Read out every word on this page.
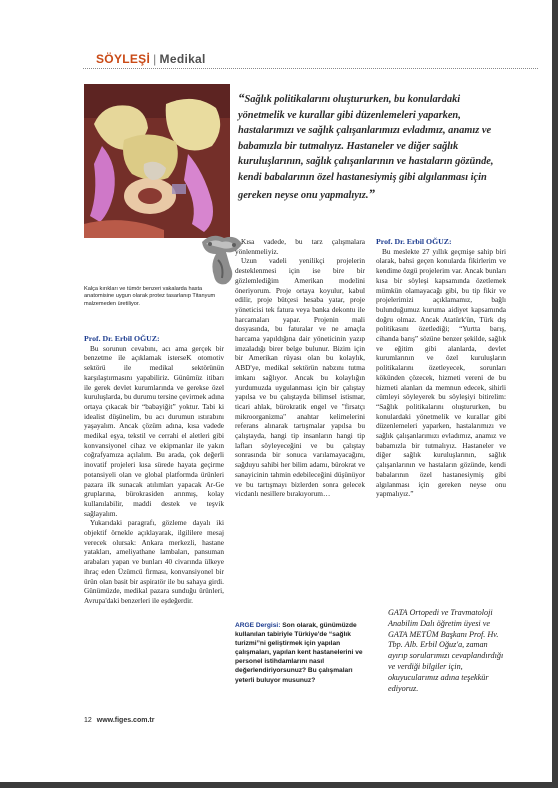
SÖYLEŞİ | Medikal
Kalça kırıkları ve tümör benzeri vakalarda hasta anatomisine uygun olarak protez tasarlanıp Titanyum malzemeden üretiliyor.
“Sağlık politikalarını oluştururken, bu konulardaki yönetmelik ve kurallar gibi düzenlemeleri yaparken, hastalarımızı ve sağlık çalışanlarımızı evladımız, anamız ve babamızla bir tutmalıyız. Hastaneler ve diğer sağlık kuruluşlarının, sağlık çalışanlarının ve hastaların gözünde, kendi babalarının özel hastanesiymiş gibi algılanması için gereken neyse onu yapmalıyız.”

Prof. Dr. Erbil OĞUZ:

Bu sorunun cevabını, acı ama gerçek bir benzetme ile açıklamak isterseK otomotiv sektörü ile medikal sektörünün karşılaştırmasını yapabiliriz. Günümüz itibarı ile gerek devlet kurumlarında ve gerekse özel kuruluşlarda, bu durumu tersine çevirmek adına ortaya çıkacak bir “babayiğit” yoktur. Tabi ki idealist düşünelim, bu acı durumun ıstırabını yaşayalım. Ancak çözüm adına, kısa vadede medikal eşya, tekstil ve cerrahi el aletleri gibi konvansiyonel cihaz ve ekipmanlar ile yakın coğrafyamıza açılalım. Bu arada, çok değerli inovatif projeleri kısa sürede hayata geçirme potansiyeli olan ve global platformda ürünleri pazara ilk sunacak atılımları yapacak Ar-Ge gruplarına, bürokrasiden arınmış, kolay kullanılabilir, maddi destek ve teşvik sağlayalım.

Yukarıdaki paragrafı, gözleme dayalı iki objektif örnekle açıklayarak, ilgililere mesaj verecek olursak: Ankara merkezli, hastane yatakları, ameliyathane lambaları, pansuman arabaları yapan ve bunları 40 civarında ülkeye ihraç eden Üzümcü firması, konvansiyonel bir ürün olan basit bir aspiratör ile bu sahaya girdi. Günümüzde, medikal pazara sunduğu ürünleri, Avrupa'daki benzerleri ile eşdeğerdir.

Kısa vadede, bu tarz çalışmalara yönlenmeliyiz.

Uzun vadeli yenilikçi projelerin desteklenmesi için ise bire bir gözlemlediğim Amerikan modelini öneriyorum. Proje ortaya koyulur, kabul edilir, proje bütçesi hesaba yatar, proje yöneticisi tek fatura veya banka dekontu ile harcamaları yapar. Projenin mali dosyasında, bu faturalar ve ne amaçla harcama yapıldığına dair yöneticinin yazıp imzaladığı birer belge bulunur. Bizim için bir Amerikan rüyası olan bu kolaylık, ABD'ye, medikal sektörün nabzını tutma imkanı sağlıyor. Ancak bu kolaylığın yurdumuzda uygulanması için bir çalıştay yapılsa ve bu çalıştayda bilimsel istismar, ticari ahlak, bürokratik engel ve "firsatçı mikroorganizma" anahtar kelimelerini referans alınarak tartışmalar yapılsa bu çalıştayda, hangi tip insanların hangi tip lafları söyleyeceğini ve bu çalıştay sonrasında bir sonuca varılamayacağını, sağduyu sahibi her bilim adamı, bürokrat ve sanayicinin tahmin edebileceğini düşünüyor ve bu tartışmayı bizlerden sonra gelecek vicdanlı nesillere bırakıyorum…

ARGE Dergisi: Son olarak, günümüzde kullanılan tabiriyle Türkiye'de “sağlık turizmi”ni geliştirmek için yapılan çalışmaları, yapılan kent hastanelerini ve personel istihdamlarını nasıl değerlendiriyorsunuz? Bu çalışmaları yeterli buluyor musunuz?

Prof. Dr. Erbil OĞUZ:

Bu meslekte 27 yıllık geçmişe sahip biri olarak, bahsi geçen konularda fikirlerim ve kendime özgü projelerim var. Ancak bunları kısa bir söyleşi kapsamında özetlemek mümkün olamayacağı gibi, bu tip fikir ve projelerimizi açıklamamız, bağlı bulunduğumuz kuruma aidiyet kapsamında doğru olmaz. Ancak Atatürk'ün, Türk dış politikasını özetlediği; “Yurtta barış, cihanda barış” sözüne benzer şekilde, sağlık ve eğitim gibi alanlarda, devlet kurumlarının ve özel kuruluşların politikalarını özetleyecek, sorunları kökünden çözecek, hizmeti vereni de bu hizmeti alanları da memnun edecek, sihirli cümleyi söyleyerek bu söyleşiyi bitirelim: “Sağlık politikalarını oluştururken, bu konulardaki yönetmelik ve kurallar gibi düzenlemeleri yaparken, hastalarımızı ve sağlık çalışanlarımızı evladımız, anamız ve babamızla bir tutmalıyız. Hastaneler ve diğer sağlık kuruluşlarının, sağlık çalışanlarının ve hastaların gözünde, kendi babalarının özel hastanesiymiş gibi algılanması için gereken neyse onu yapmalıyız.”

GATA Ortopedi ve Travmatoloji Anabilim Dalı öğretim üyesi ve GATA METÜM Başkanı Prof. Hv. Tbp. Alb. Erbil Oğuz'a, zaman ayırıp sorularımızı cevaplandırdığı ve verdiği bilgiler için, okuyucularımız adına teşekkür ediyoruz.
12 www.figes.com.tr
